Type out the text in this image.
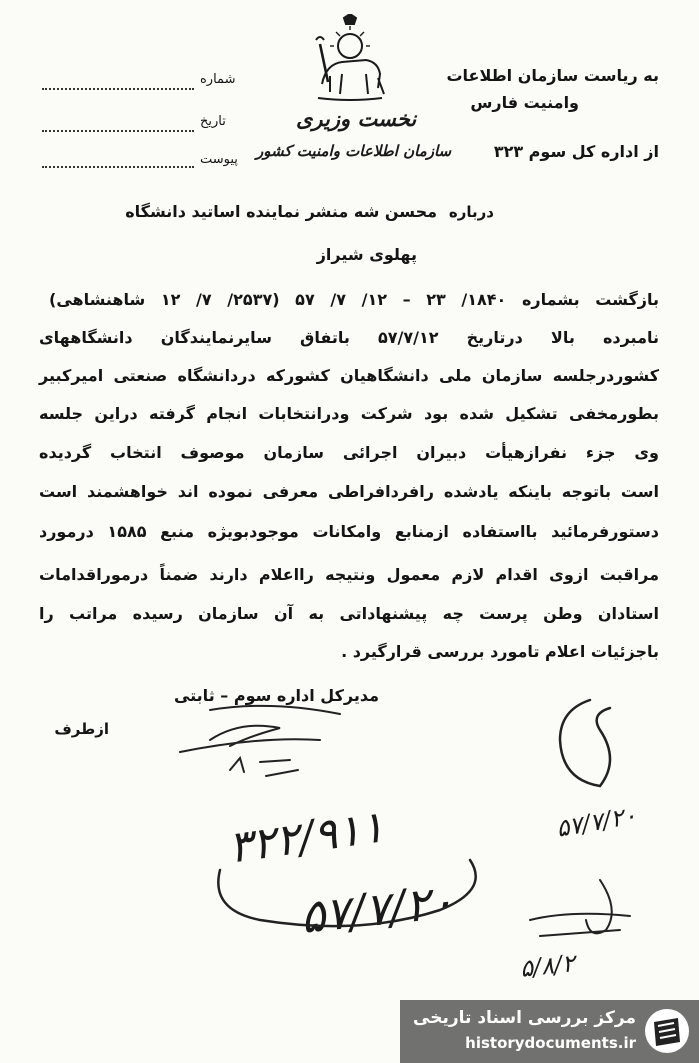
به ریاست سازمان اطلاعات
وامنیت فارس
از اداره کل سوم ۳۲۳
نخست وزیری
سازمان اطلاعات وامنیت کشور
شماره
تاریخ
پیوست
درباره
محسن شه منشر نماینده اساتید دانشگاه
پهلوی شیراز
بازگشت بشماره ۱۸۴۰/ ۲۳ – ۱۲/ ۷/ ۵۷ (۲۵۳۷/ ۷/ ۱۲ شاهنشاهی)
نامبرده بالا درتاریخ ۵۷/۷/۱۲ باتفاق سایرنمایندگان دانشگاههای
کشوردرجلسه سازمان ملی دانشگاهیان کشورکه دردانشگاه صنعتی امیرکبیر
بطورمخفی تشکیل شده بود شرکت ودرانتخابات انجام گرفته دراین جلسه
وی جزء نفرازهیأت دبیران اجرائی سازمان موصوف انتخاب گردیده
است باتوجه باینکه یادشده رافردافراطی معرفی نموده اند خواهشمند است
دستورفرمائید بااستفاده ازمنابع وامکانات موجودبویژه منبع ۱۵۸۵ درمورد
مراقبت ازوی اقدام لازم معمول ونتیجه رااعلام دارند ضمناً درموراقدامات
استادان وطن پرست چه پیشنهاداتی به آن سازمان رسیده مراتب را
باجزئیات اعلام تامورد بررسی قرارگیرد .
مدیرکل اداره سوم – ثابتی
ازطرف
۳۲۲/۹۱۱
۵۷/۷/۲۰
۵۷/۷/۲۰
۵/۸/۲
مرکز بررسی اسناد تاریخی
historydocuments.ir
